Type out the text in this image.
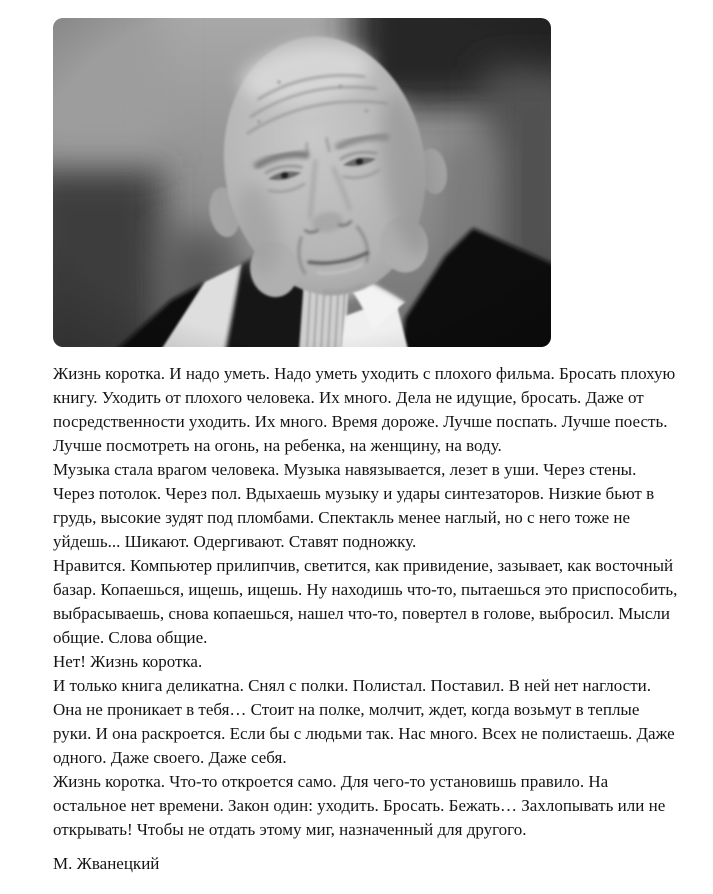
Жизнь коротка. И надо уметь. Надо уметь уходить с плохого фильма. Бросать плохую книгу. Уходить от плохого человека. Их много. Дела не идущие, бросать. Даже от посредственности уходить. Их много. Время дороже. Лучше поспать. Лучше поесть. Лучше посмотреть на огонь, на ребенка, на женщину, на воду.

Музыка стала врагом человека. Музыка навязывается, лезет в уши. Через стены. Через потолок. Через пол. Вдыхаешь музыку и удары синтезаторов. Низкие бьют в грудь, высокие зудят под пломбами. Спектакль менее наглый, но с него тоже не уйдешь... Шикают. Одергивают. Ставят подножку.

Нравится. Компьютер прилипчив, светится, как привидение, зазывает, как восточный базар. Копаешься, ищешь, ищешь. Ну находишь что-то, пытаешься это приспособить, выбрасываешь, снова копаешься, нашел что-то, повертел в голове, выбросил. Мысли общие. Слова общие.

Нет! Жизнь коротка.

И только книга деликатна. Снял с полки. Полистал. Поставил. В ней нет наглости. Она не проникает в тебя… Стоит на полке, молчит, ждет, когда возьмут в теплые руки. И она раскроется. Если бы с людьми так. Нас много. Всех не полистаешь. Даже одного. Даже своего. Даже себя.

Жизнь коротка. Что-то откроется само. Для чего-то установишь правило. На остальное нет времени. Закон один: уходить. Бросать. Бежать… Захлопывать или не открывать! Чтобы не отдать этому миг, назначенный для другого.

М. Жванецкий
